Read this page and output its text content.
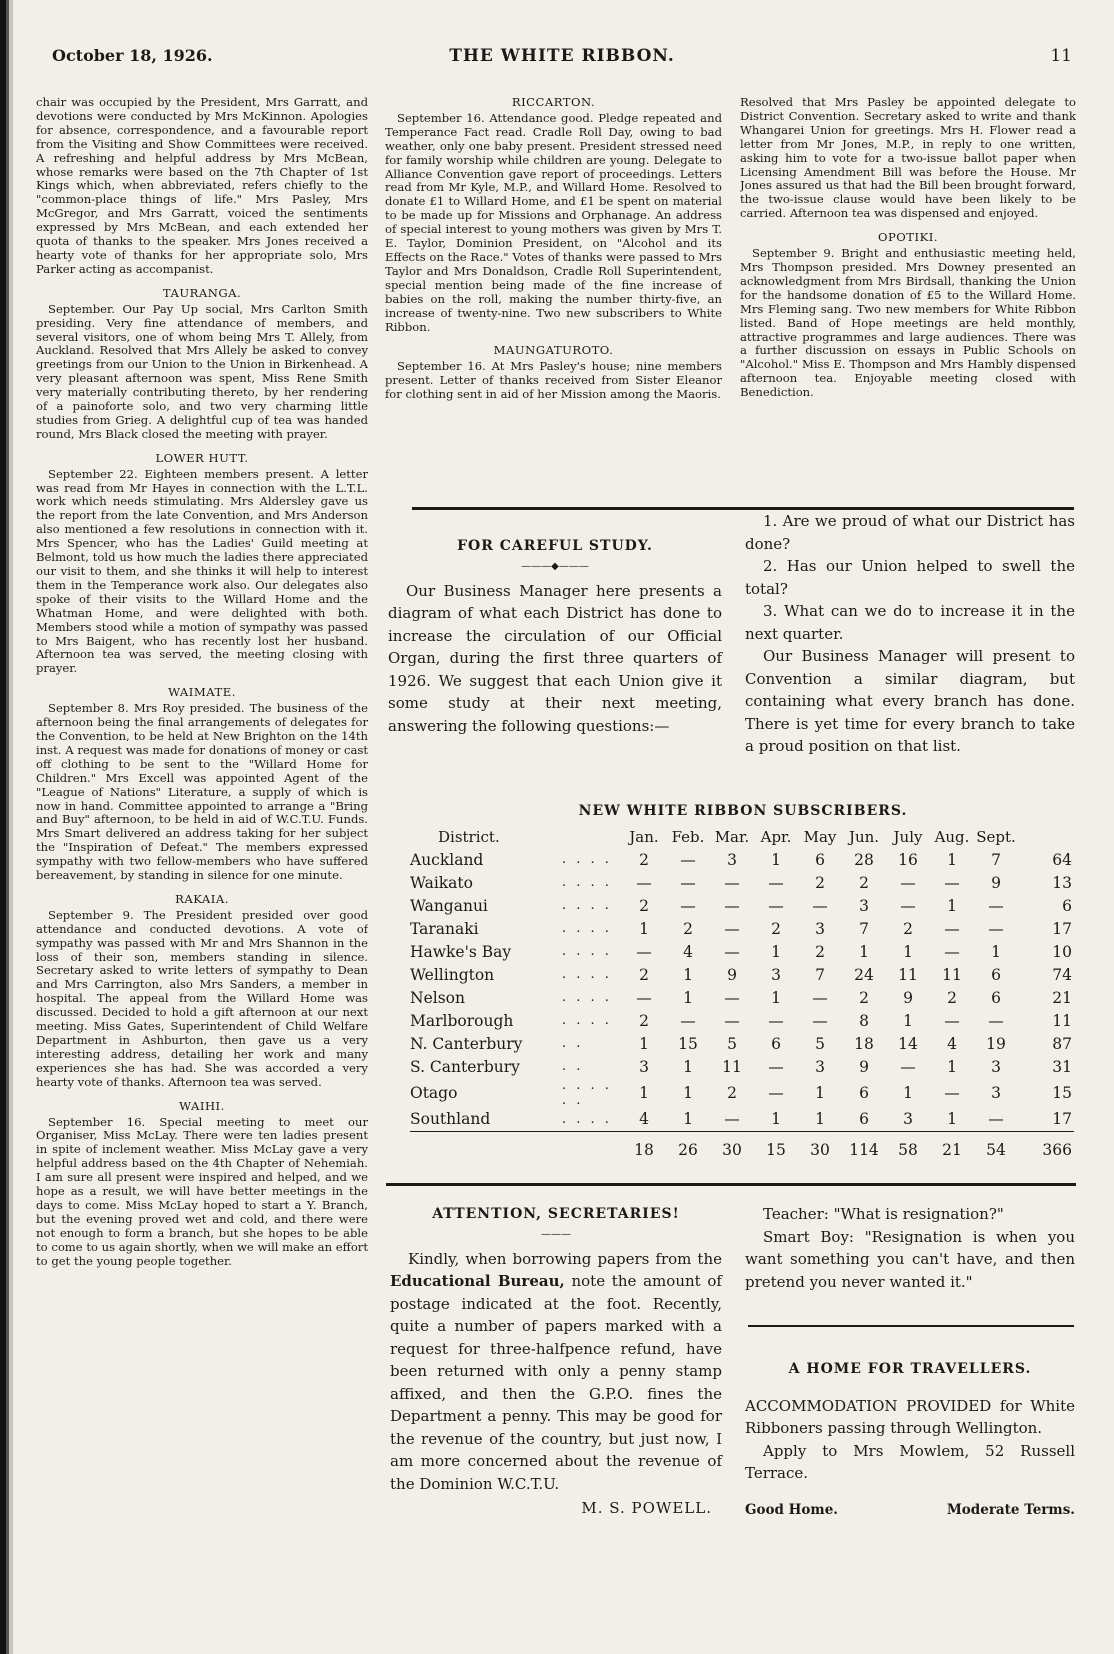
October 18, 1926.	THE WHITE RIBBON.	11

chair was occupied by the President, Mrs Garratt, and devotions were conducted by Mrs McKinnon. Apologies for absence, correspondence, and a favourable report from the Visiting and Show Committees were received. A refreshing and helpful address by Mrs McBean, whose remarks were based on the 7th Chapter of 1st Kings which, when abbreviated, refers chiefly to the "common-place things of life." Mrs Pasley, Mrs McGregor, and Mrs Garratt, voiced the sentiments expressed by Mrs McBean, and each extended her quota of thanks to the speaker. Mrs Jones received a hearty vote of thanks for her appropriate solo, Mrs Parker acting as accompanist.

TAURANGA.

September. Our Pay Up social, Mrs Carlton Smith presiding. Very fine attendance of members, and several visitors, one of whom being Mrs T. Allely, from Auckland. Resolved that Mrs Allely be asked to convey greetings from our Union to the Union in Birkenhead. A very pleasant afternoon was spent, Miss Rene Smith very materially contributing thereto, by her rendering of a painoforte solo, and two very charming little studies from Grieg. A delightful cup of tea was handed round, Mrs Black closed the meeting with prayer.

LOWER HUTT.

September 22. Eighteen members present. A letter was read from Mr Hayes in connection with the L.T.L. work which needs stimulating. Mrs Aldersley gave us the report from the late Convention, and Mrs Anderson also mentioned a few resolutions in connection with it. Mrs Spencer, who has the Ladies' Guild meeting at Belmont, told us how much the ladies there appreciated our visit to them, and she thinks it will help to interest them in the Temperance work also. Our delegates also spoke of their visits to the Willard Home and the Whatman Home, and were delighted with both. Members stood while a motion of sympathy was passed to Mrs Baigent, who has recently lost her husband. Afternoon tea was served, the meeting closing with prayer.

WAIMATE.

September 8. Mrs Roy presided. The business of the afternoon being the final arrangements of delegates for the Convention, to be held at New Brighton on the 14th inst. A request was made for donations of money or cast off clothing to be sent to the "Willard Home for Children." Mrs Excell was appointed Agent of the "League of Nations" Literature, a supply of which is now in hand. Committee appointed to arrange a "Bring and Buy" afternoon, to be held in aid of W.C.T.U. Funds. Mrs Smart delivered an address taking for her subject the "Inspiration of Defeat." The members expressed sympathy with two fellow-members who have suffered bereavement, by standing in silence for one minute.

RAKAIA.

September 9. The President presided over good attendance and conducted devotions. A vote of sympathy was passed with Mr and Mrs Shannon in the loss of their son, members standing in silence. Secretary asked to write letters of sympathy to Dean and Mrs Carrington, also Mrs Sanders, a member in hospital. The appeal from the Willard Home was discussed. Decided to hold a gift afternoon at our next meeting. Miss Gates, Superintendent of Child Welfare Department in Ashburton, then gave us a very interesting address, detailing her work and many experiences she has had. She was accorded a very hearty vote of thanks. Afternoon tea was served.

WAIHI.

September 16. Special meeting to meet our Organiser, Miss McLay. There were ten ladies present in spite of inclement weather. Miss McLay gave a very helpful address based on the 4th Chapter of Nehemiah. I am sure all present were inspired and helped, and we hope as a result, we will have better meetings in the days to come. Miss McLay hoped to start a Y. Branch, but the evening proved wet and cold, and there were not enough to form a branch, but she hopes to be able to come to us again shortly, when we will make an effort to get the young people together.

RICCARTON.

September 16. Attendance good. Pledge repeated and Temperance Fact read. Cradle Roll Day, owing to bad weather, only one baby present. President stressed need for family worship while children are young. Delegate to Alliance Convention gave report of proceedings. Letters read from Mr Kyle, M.P., and Willard Home. Resolved to donate £1 to Willard Home, and £1 be spent on material to be made up for Missions and Orphanage. An address of special interest to young mothers was given by Mrs T. E. Taylor, Dominion President, on "Alcohol and its Effects on the Race." Votes of thanks were passed to Mrs Taylor and Mrs Donaldson, Cradle Roll Superintendent, special mention being made of the fine increase of babies on the roll, making the number thirty-five, an increase of twenty-nine. Two new subscribers to White Ribbon.

MAUNGATUROTO.

September 16. At Mrs Pasley's house; nine members present. Letter of thanks received from Sister Eleanor for clothing sent in aid of her Mission among the Maoris.

Resolved that Mrs Pasley be appointed delegate to District Convention. Secretary asked to write and thank Whangarei Union for greetings. Mrs H. Flower read a letter from Mr Jones, M.P., in reply to one written, asking him to vote for a two-issue ballot paper when Licensing Amendment Bill was before the House. Mr Jones assured us that had the Bill been brought forward, the two-issue clause would have been likely to be carried. Afternoon tea was dispensed and enjoyed.

OPOTIKI.

September 9. Bright and enthusiastic meeting held, Mrs Thompson presided. Mrs Downey presented an acknowledgment from Mrs Birdsall, thanking the Union for the handsome donation of £5 to the Willard Home. Mrs Fleming sang. Two new members for White Ribbon listed. Band of Hope meetings are held monthly, attractive programmes and large audiences. There was a further discussion on essays in Public Schools on "Alcohol." Miss E. Thompson and Mrs Hambly dispensed afternoon tea. Enjoyable meeting closed with Benediction.

FOR CAREFUL STUDY.
———◆———

Our Business Manager here presents a diagram of what each District has done to increase the circulation of our Official Organ, during the first three quarters of 1926. We suggest that each Union give it some study at their next meeting, answering the following questions:—

1. Are we proud of what our District has done?

2. Has our Union helped to swell the total?

3. What can we do to increase it in the next quarter.

Our Business Manager will present to Convention a similar diagram, but containing what every branch has done. There is yet time for every branch to take a proud position on that list.

NEW WHITE RIBBON SUBSCRIBERS.
District.		Jan.	Feb.	Mar.	Apr.	May	Jun.	July	Aug.	Sept.	
Auckland	. . . .	2	—	3	1	6	28	16	1	7	64
Waikato	. . . .	—	—	—	—	2	2	—	—	9	13
Wanganui	. . . .	2	—	—	—	—	3	—	1	—	6
Taranaki	. . . .	1	2	—	2	3	7	2	—	—	17
Hawke's Bay	. . . .	—	4	—	1	2	1	1	—	1	10
Wellington	. . . .	2	1	9	3	7	24	11	11	6	74
Nelson	. . . .	—	1	—	1	—	2	9	2	6	21
Marlborough	. . . .	2	—	—	—	—	8	1	—	—	11
N. Canterbury	. .	1	15	5	6	5	18	14	4	19	87
S. Canterbury	. .	3	1	11	—	3	9	—	1	3	31
Otago	. . . . . .	1	1	2	—	1	6	1	—	3	15
Southland	. . . .	4	1	—	1	1	6	3	1	—	17
		18	26	30	15	30	114	58	21	54	366
ATTENTION, SECRETARIES!
———

Kindly, when borrowing papers from the Educational Bureau, note the amount of postage indicated at the foot. Recently, quite a number of papers marked with a request for three-halfpence refund, have been returned with only a penny stamp affixed, and then the G.P.O. fines the Department a penny. This may be good for the revenue of the country, but just now, I am more concerned about the revenue of the Dominion W.C.T.U.

M. S. POWELL.

Teacher: "What is resignation?"

Smart Boy: "Resignation is when you want something you can't have, and then pretend you never wanted it."

A HOME FOR TRAVELLERS.

ACCOMMODATION PROVIDED for White Ribboners passing through Wellington.

Apply to Mrs Mowlem, 52 Russell Terrace.

Good Home.	Moderate Terms.
